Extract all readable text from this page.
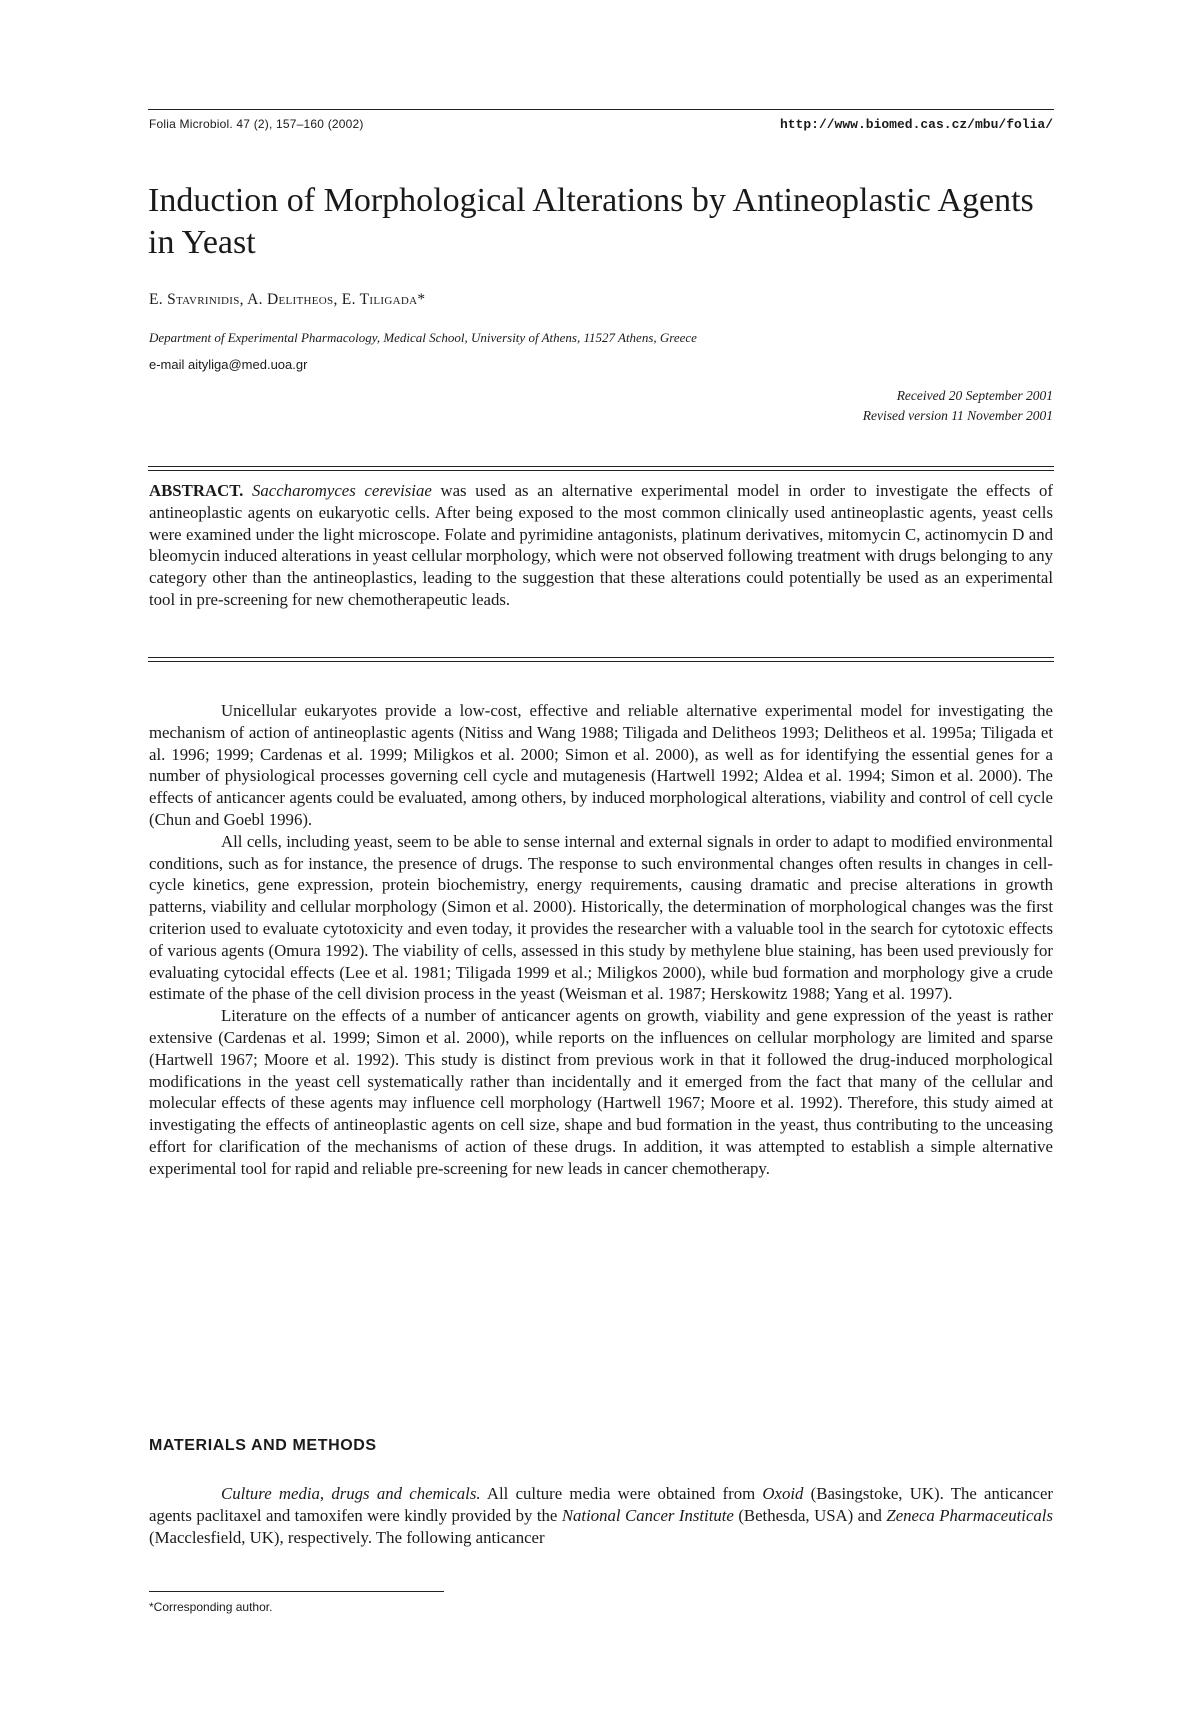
Folia Microbiol. 47 (2), 157–160 (2002)	http://www.biomed.cas.cz/mbu/folia/
Induction of Morphological Alterations by Antineoplastic Agents in Yeast
E. Stavrinidis, A. Delitheos, E. Tiligada*
Department of Experimental Pharmacology, Medical School, University of Athens, 11527 Athens, Greece
e-mail aityliga@med.uoa.gr
Received 20 September 2001
Revised version 11 November 2001

ABSTRACT. Saccharomyces cerevisiae was used as an alternative experimental model in order to investigate the effects of antineoplastic agents on eukaryotic cells. After being exposed to the most common clinically used antineoplastic agents, yeast cells were examined under the light microscope. Folate and pyrimidine antagonists, platinum derivatives, mitomycin C, actinomycin D and bleomycin induced alterations in yeast cellular morphology, which were not observed following treatment with drugs belonging to any category other than the antineoplastics, leading to the suggestion that these alterations could potentially be used as an experimental tool in pre-screening for new chemotherapeutic leads.

Unicellular eukaryotes provide a low-cost, effective and reliable alternative experimental model for investigating the mechanism of action of antineoplastic agents (Nitiss and Wang 1988; Tiligada and Delitheos 1993; Delitheos et al. 1995a; Tiligada et al. 1996; 1999; Cardenas et al. 1999; Miligkos et al. 2000; Simon et al. 2000), as well as for identifying the essential genes for a number of physiological processes governing cell cycle and mutagenesis (Hartwell 1992; Aldea et al. 1994; Simon et al. 2000). The effects of anticancer agents could be evaluated, among others, by induced morphological alterations, viability and control of cell cycle (Chun and Goebl 1996).

All cells, including yeast, seem to be able to sense internal and external signals in order to adapt to modified environmental conditions, such as for instance, the presence of drugs. The response to such environmental changes often results in changes in cell-cycle kinetics, gene expression, protein biochemistry, energy requirements, causing dramatic and precise alterations in growth patterns, viability and cellular morphology (Simon et al. 2000). Historically, the determination of morphological changes was the first criterion used to evaluate cytotoxicity and even today, it provides the researcher with a valuable tool in the search for cytotoxic effects of various agents (Omura 1992). The viability of cells, assessed in this study by methylene blue staining, has been used previously for evaluating cytocidal effects (Lee et al. 1981; Tiligada 1999 et al.; Miligkos 2000), while bud formation and morphology give a crude estimate of the phase of the cell division process in the yeast (Weisman et al. 1987; Herskowitz 1988; Yang et al. 1997).

Literature on the effects of a number of anticancer agents on growth, viability and gene expression of the yeast is rather extensive (Cardenas et al. 1999; Simon et al. 2000), while reports on the influences on cellular morphology are limited and sparse (Hartwell 1967; Moore et al. 1992). This study is distinct from previous work in that it followed the drug-induced morphological modifications in the yeast cell systematically rather than incidentally and it emerged from the fact that many of the cellular and molecular effects of these agents may influence cell morphology (Hartwell 1967; Moore et al. 1992). Therefore, this study aimed at investigating the effects of antineoplastic agents on cell size, shape and bud formation in the yeast, thus contributing to the unceasing effort for clarification of the mechanisms of action of these drugs. In addition, it was attempted to establish a simple alternative experimental tool for rapid and reliable pre-screening for new leads in cancer chemotherapy.

MATERIALS AND METHODS

Culture media, drugs and chemicals. All culture media were obtained from Oxoid (Basingstoke, UK). The anticancer agents paclitaxel and tamoxifen were kindly provided by the National Cancer Institute (Bethesda, USA) and Zeneca Pharmaceuticals (Macclesfield, UK), respectively. The following anticancer

*Corresponding author.
